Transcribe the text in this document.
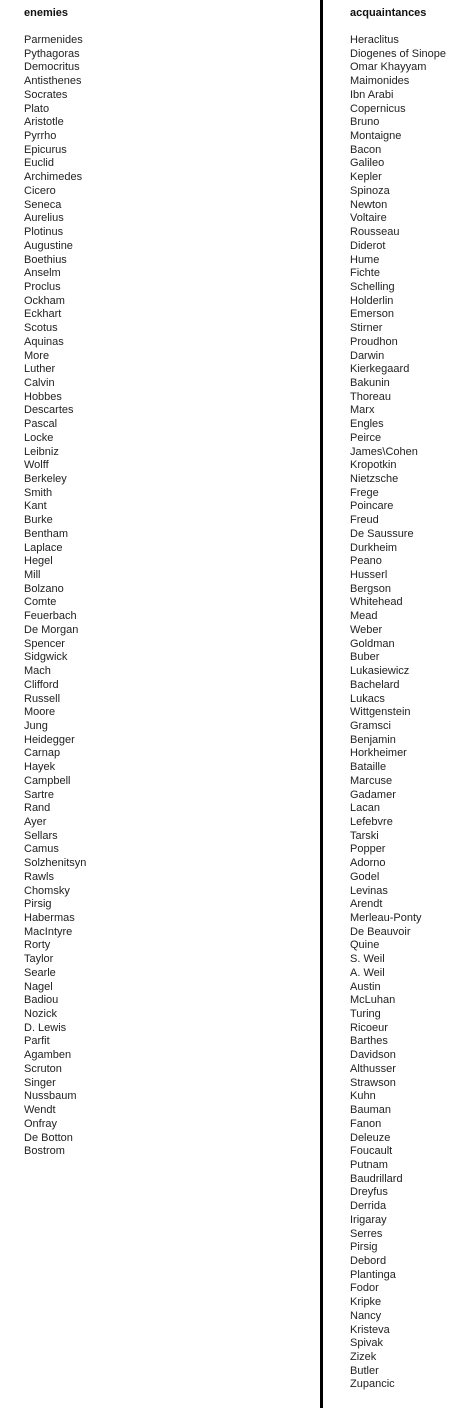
enemies
Parmenides
Pythagoras
Democritus
Antisthenes
Socrates
Plato
Aristotle
Pyrrho
Epicurus
Euclid
Archimedes
Cicero
Seneca
Aurelius
Plotinus
Augustine
Boethius
Anselm
Proclus
Ockham
Eckhart
Scotus
Aquinas
More
Luther
Calvin
Hobbes
Descartes
Pascal
Locke
Leibniz
Wolff
Berkeley
Smith
Kant
Burke
Bentham
Laplace
Hegel
Mill
Bolzano
Comte
Feuerbach
De Morgan
Spencer
Sidgwick
Mach
Clifford
Russell
Moore
Jung
Heidegger
Carnap
Hayek
Campbell
Sartre
Rand
Ayer
Sellars
Camus
Solzhenitsyn
Rawls
Chomsky
Pirsig
Habermas
MacIntyre
Rorty
Taylor
Searle
Nagel
Badiou
Nozick
D. Lewis
Parfit
Agamben
Scruton
Singer
Nussbaum
Wendt
Onfray
De Botton
Bostrom
acquaintances
Heraclitus
Diogenes of Sinope
Omar Khayyam
Maimonides
Ibn Arabi
Copernicus
Bruno
Montaigne
Bacon
Galileo
Kepler
Spinoza
Newton
Voltaire
Rousseau
Diderot
Hume
Fichte
Schelling
Holderlin
Emerson
Stirner
Proudhon
Darwin
Kierkegaard
Bakunin
Thoreau
Marx
Engles
Peirce
James\Cohen
Kropotkin
Nietzsche
Frege
Poincare
Freud
De Saussure
Durkheim
Peano
Husserl
Bergson
Whitehead
Mead
Weber
Goldman
Buber
Lukasiewicz
Bachelard
Lukacs
Wittgenstein
Gramsci
Benjamin
Horkheimer
Bataille
Marcuse
Gadamer
Lacan
Lefebvre
Tarski
Popper
Adorno
Godel
Levinas
Arendt
Merleau-Ponty
De Beauvoir
Quine
S. Weil
A. Weil
Austin
McLuhan
Turing
Ricoeur
Barthes
Davidson
Althusser
Strawson
Kuhn
Bauman
Fanon
Deleuze
Foucault
Putnam
Baudrillard
Dreyfus
Derrida
Irigaray
Serres
Pirsig
Debord
Plantinga
Fodor
Kripke
Nancy
Kristeva
Spivak
Zizek
Butler
Zupancic
